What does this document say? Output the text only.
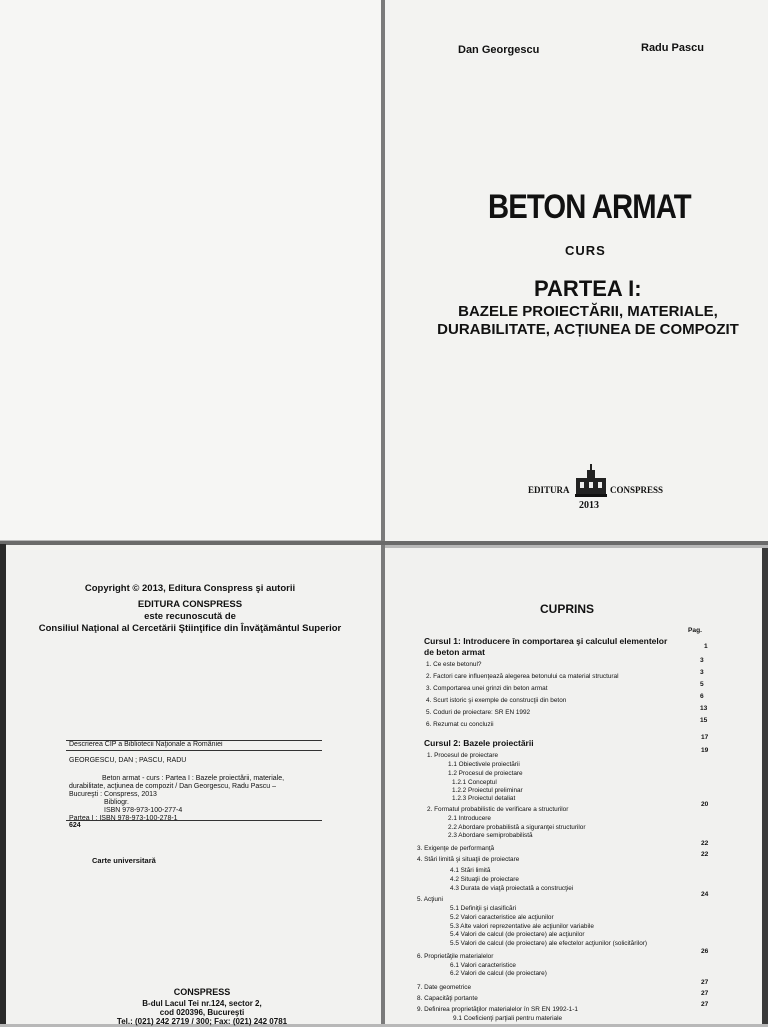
Dan Georgescu	Radu Pascu
BETON ARMAT
CURS
PARTEA I:
BAZELE PROIECTĂRII, MATERIALE, DURABILITATE, ACȚIUNEA DE COMPOZIT
EDITURA	CONSPRESS
2013
Copyright © 2013, Editura Conspress şi autorii
EDITURA CONSPRESS
este recunoscută de
Consiliul Naţional al Cercetării Ştiinţifice din Învăţământul Superior
Descrierea CIP a Bibliotecii Naţionale a României
GEORGESCU, DAN ; PASCU, RADU
Beton armat - curs : Partea I : Bazele proiectării, materiale,
durabilitate, acţiunea de compozit / Dan Georgescu, Radu Pascu –
Bucureşti : Conspress, 2013
Bibliogr.
ISBN 978-973-100-277-4
Partea I : ISBN 978-973-100-278-1
624
Carte universitară
CONSPRESS
B-dul Lacul Tei nr.124, sector 2,
cod 020396, Bucureşti
Tel.: (021) 242 2719 / 300; Fax: (021) 242 0781
CUPRINS
Pag.
Cursul 1: Introducere în comportarea şi calculul elementelor
de beton armat
1
1. Ce este betonul?
3
2. Factori care influenţează alegerea betonului ca material structural
3
3. Comportarea unei grinzi din beton armat
5
4. Scurt istoric şi exemple de construcţii din beton
6
5. Coduri de proiectare: SR EN 1992
13
6. Rezumat cu concluzii
15
Cursul 2: Bazele proiectării
17
1. Procesul de proiectare
19
1.1 Obiectivele proiectării
1.2 Procesul de proiectare
1.2.1 Conceptul
1.2.2 Proiectul preliminar
1.2.3 Proiectul detaliat
2. Formatul probabilistic de verificare a structurilor
20
2.1 Introducere
2.2 Abordare probabilistă a siguranţei structurilor
2.3 Abordare semiprobabilistă
3. Exigenţe de performanţă
22
4. Stări limită şi situaţii de proiectare
22
4.1 Stări limită
4.2 Situaţii de proiectare
4.3 Durata de viaţă proiectată a construcţiei
5. Acţiuni
24
5.1 Definiţii şi clasificări
5.2 Valori caracteristice ale acţiunilor
5.3 Alte valori reprezentative ale acţiunilor variabile
5.4 Valori de calcul (de proiectare) ale acţiunilor
5.5 Valori de calcul (de proiectare) ale efectelor acţiunilor (solicitărilor)
6. Proprietăţile materialelor
26
6.1 Valori caracteristice
6.2 Valori de calcul (de proiectare)
7. Date geometrice
27
8. Capacităţi portante
27
9. Definirea proprietăţilor materialelor în SR EN 1992-1-1
27
9.1 Coeficienţi parţiali pentru materiale
